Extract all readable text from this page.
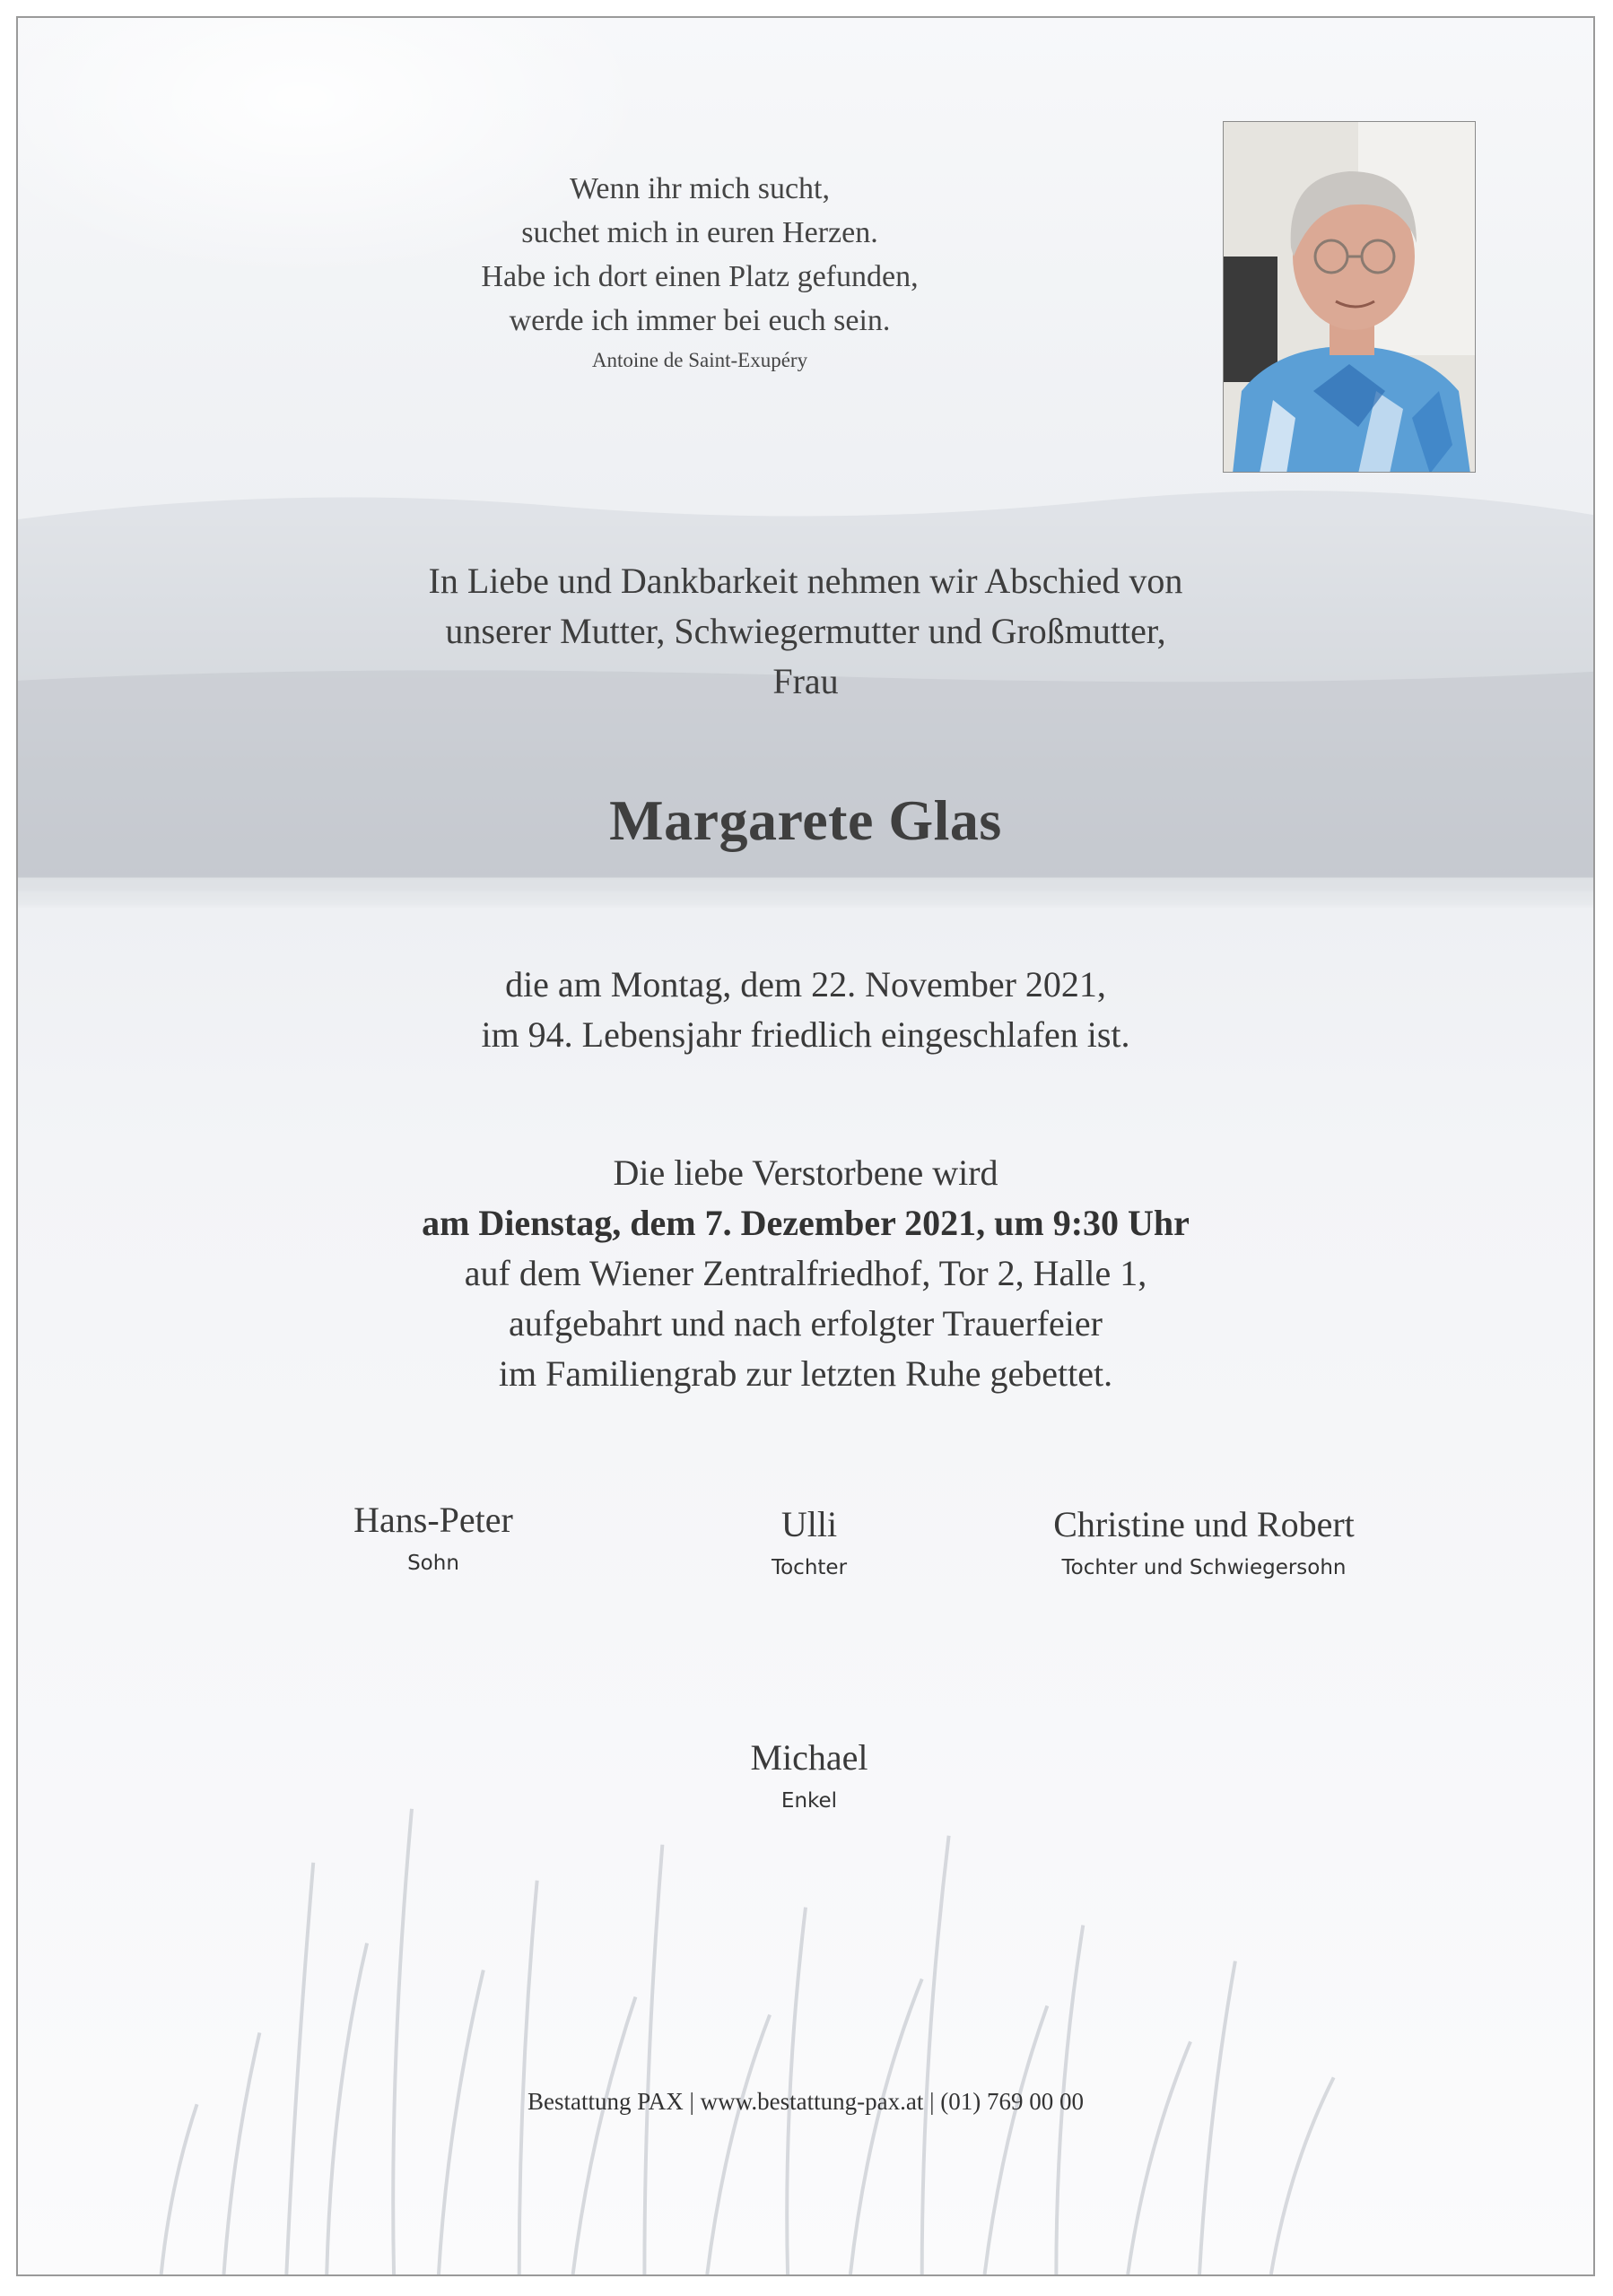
Wenn ihr mich sucht,
suchet mich in euren Herzen.
Habe ich dort einen Platz gefunden,
werde ich immer bei euch sein.
Antoine de Saint-Exupéry
In Liebe und Dankbarkeit nehmen wir Abschied von
unserer Mutter, Schwiegermutter und Großmutter,
Frau
Margarete Glas
die am Montag, dem 22. November 2021,
im 94. Lebensjahr friedlich eingeschlafen ist.
Die liebe Verstorbene wird
am Dienstag, dem 7. Dezember 2021, um 9:30 Uhr
auf dem Wiener Zentralfriedhof, Tor 2, Halle 1,
aufgebahrt und nach erfolgter Trauerfeier
im Familiengrab zur letzten Ruhe gebettet.
Hans-Peter
Sohn
Ulli
Tochter
Christine und Robert
Tochter und Schwiegersohn
Michael
Enkel
Bestattung PAX | www.bestattung-pax.at | (01) 769 00 00
